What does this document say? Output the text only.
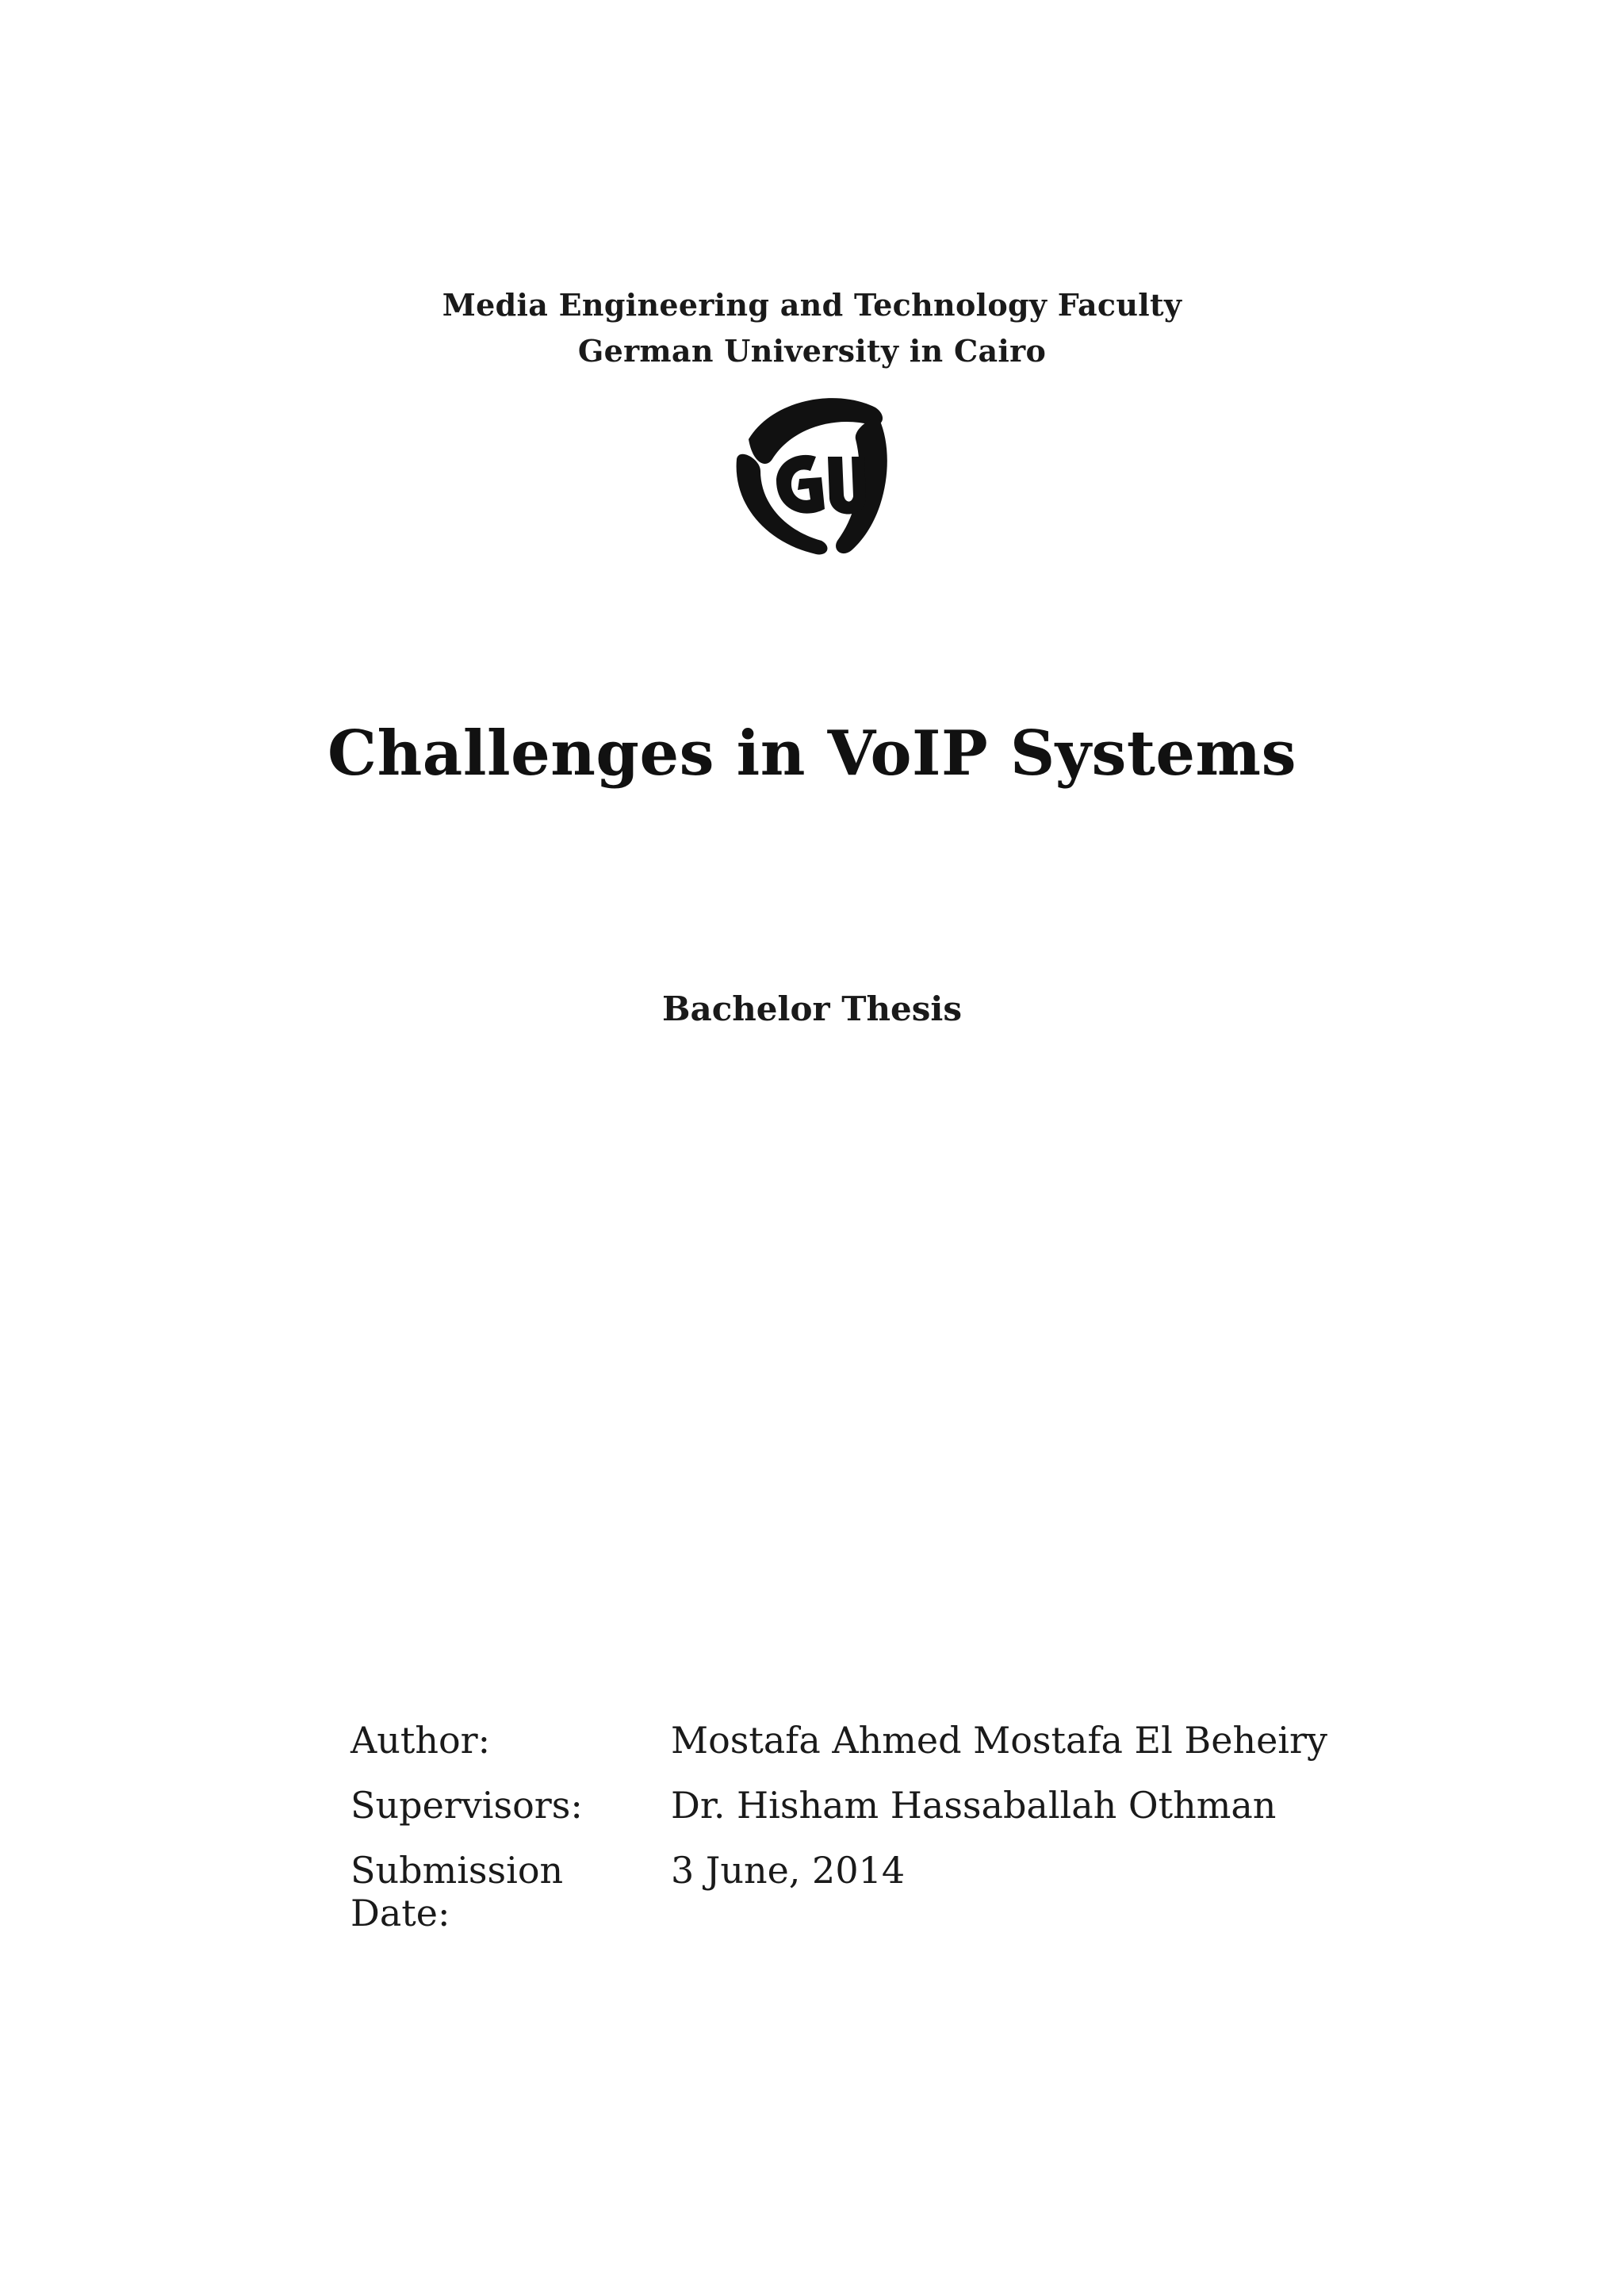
Media Engineering and Technology Faculty
German University in Cairo
Challenges in VoIP Systems
Bachelor Thesis
Author:	Mostafa Ahmed Mostafa El Beheiry
Supervisors:	Dr. Hisham Hassaballah Othman
Submission Date:
3 June, 2014
